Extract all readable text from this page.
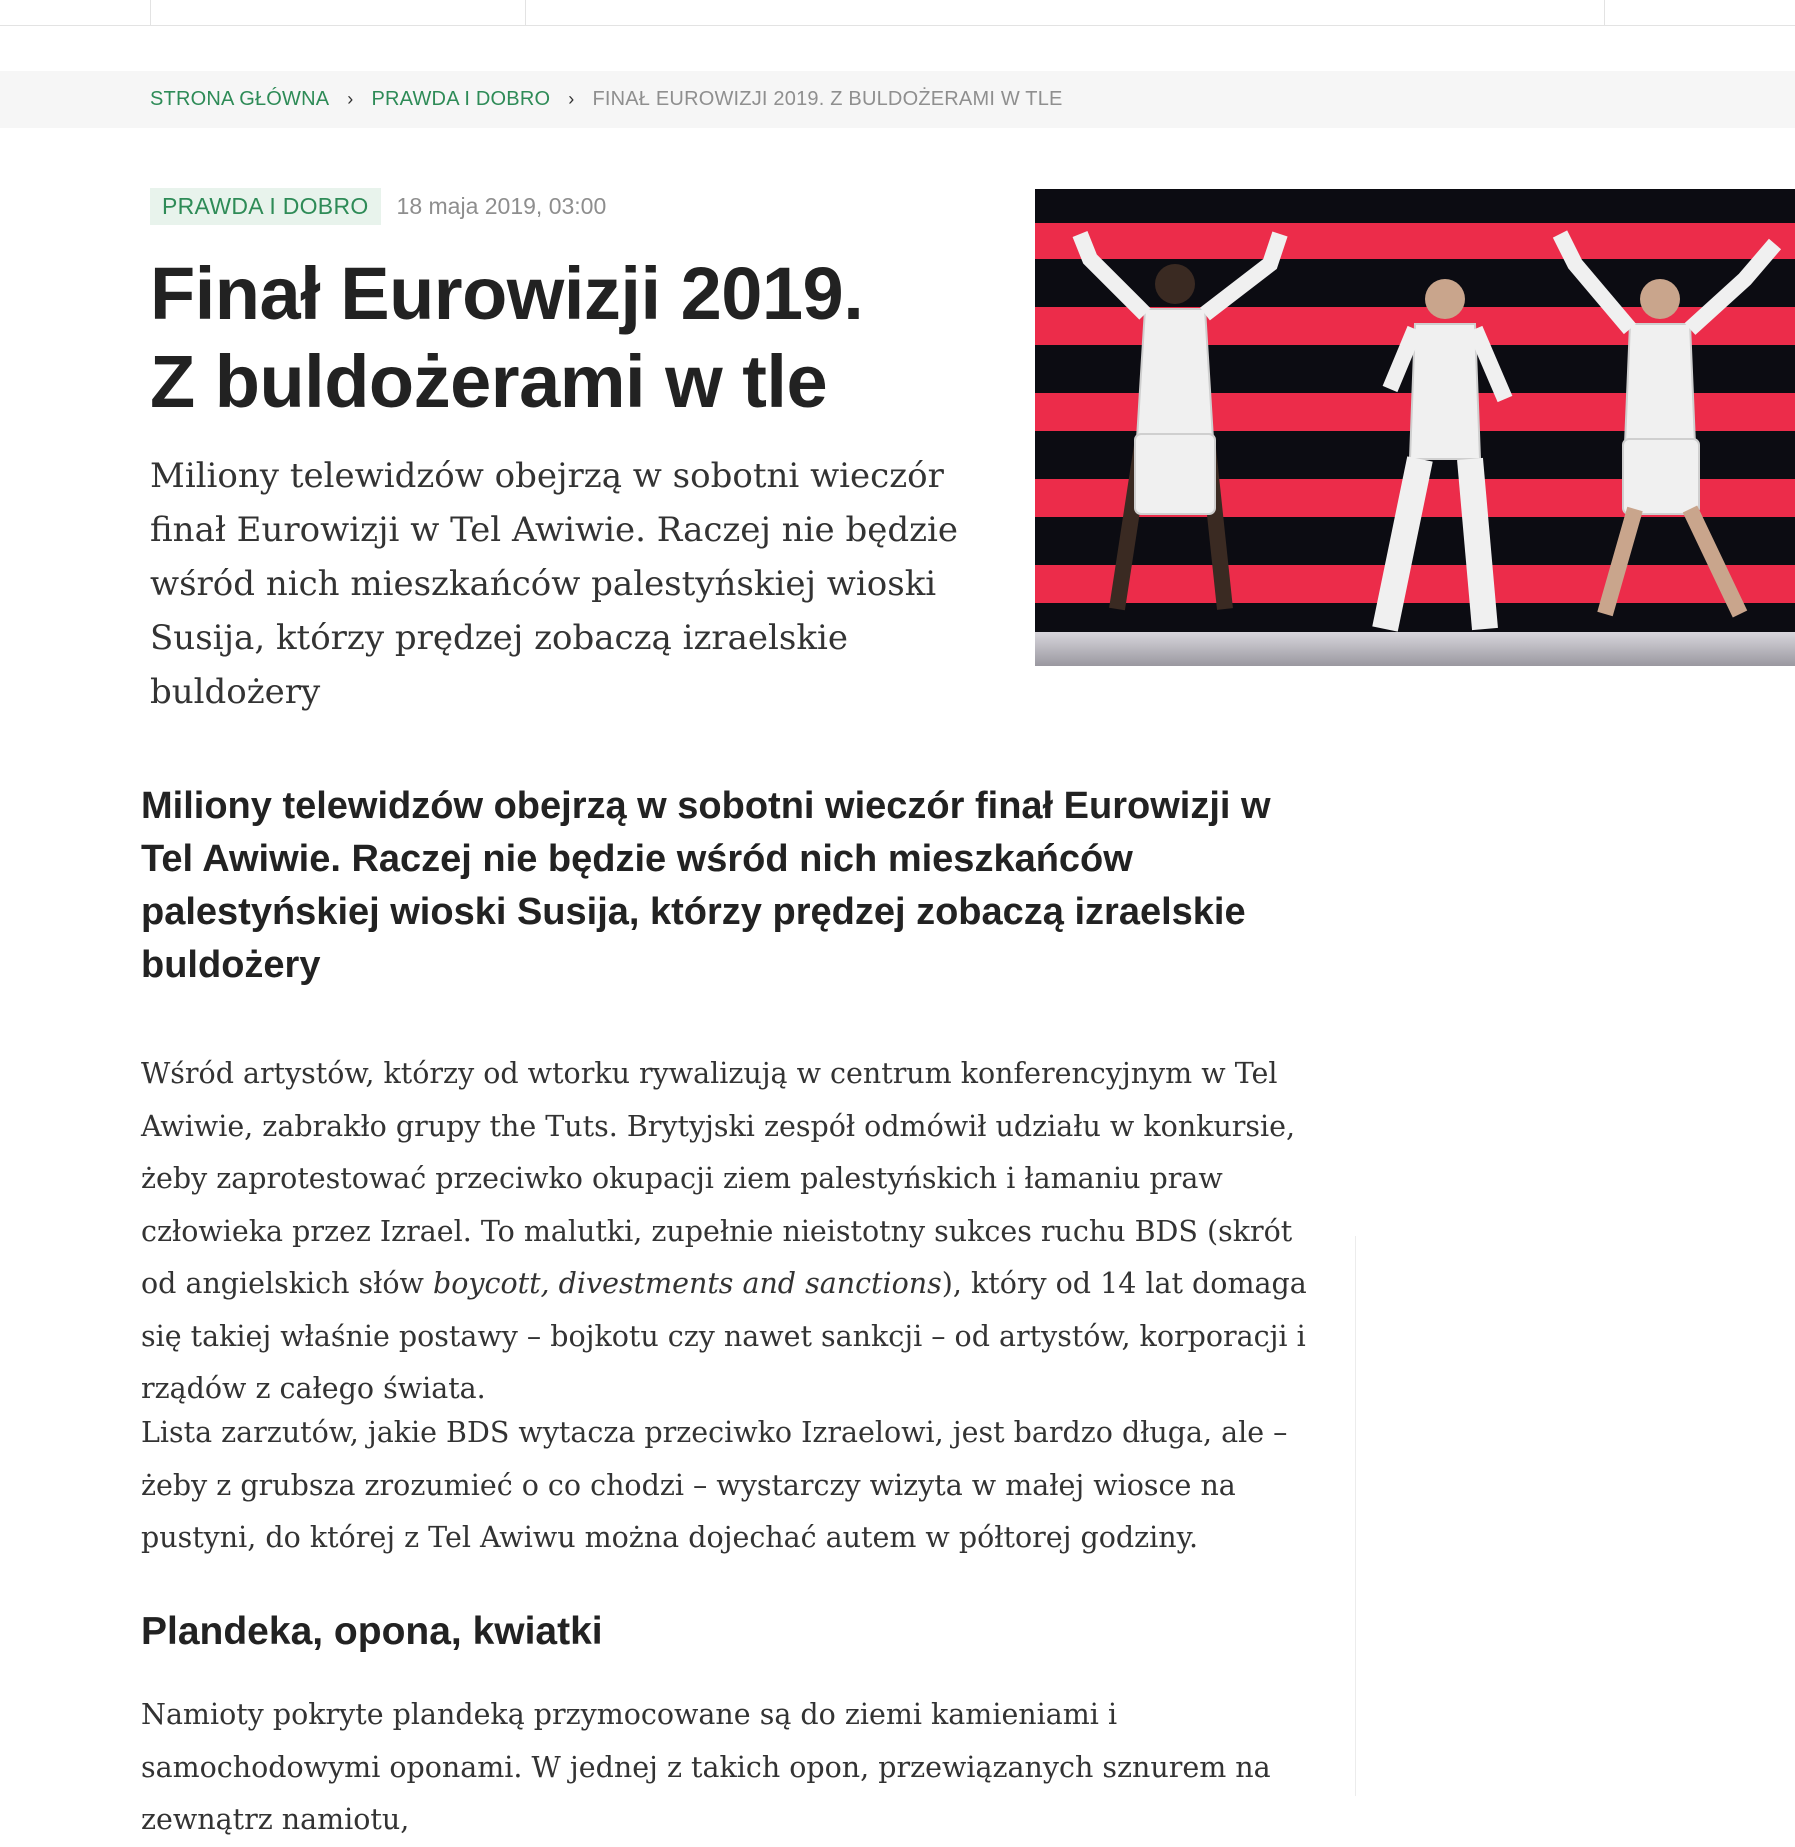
STRONA GŁÓWNA › PRAWDA I DOBRO › FINAŁ EUROWIZJI 2019. Z BULDOŻERAMI W TLE
PRAWDA I DOBRO	18 maja 2019, 03:00
Finał Eurowizji 2019.
Z buldożerami w tle

Miliony telewidzów obejrzą w sobotni wieczór finał Eurowizji w Tel Awiwie. Raczej nie będzie wśród nich mieszkańców palestyńskiej wioski Susija, którzy prędzej zobaczą izraelskie buldożery

Miliony telewidzów obejrzą w sobotni wieczór finał Eurowizji w Tel Awiwie. Raczej nie będzie wśród nich mieszkańców palestyńskiej wioski Susija, którzy prędzej zobaczą izraelskie buldożery

Wśród artystów, którzy od wtorku rywalizują w centrum konferencyjnym w Tel Awiwie, zabrakło grupy the Tuts. Brytyjski zespół odmówił udziału w konkursie, żeby zaprotestować przeciwko okupacji ziem palestyńskich i łamaniu praw człowieka przez Izrael. To malutki, zupełnie nieistotny sukces ruchu BDS (skrót od angielskich słów boycott, divestments and sanctions), który od 14 lat domaga się takiej właśnie postawy – bojkotu czy nawet sankcji – od artystów, korporacji i rządów z całego świata.

Lista zarzutów, jakie BDS wytacza przeciwko Izraelowi, jest bardzo długa, ale – żeby z grubsza zrozumieć o co chodzi – wystarczy wizyta w małej wiosce na pustyni, do której z Tel Awiwu można dojechać autem w półtorej godziny.

Plandeka, opona, kwiatki

Namioty pokryte plandeką przymocowane są do ziemi kamieniami i samochodowymi oponami. W jednej z takich opon, przewiązanych sznurem na zewnątrz namiotu,
